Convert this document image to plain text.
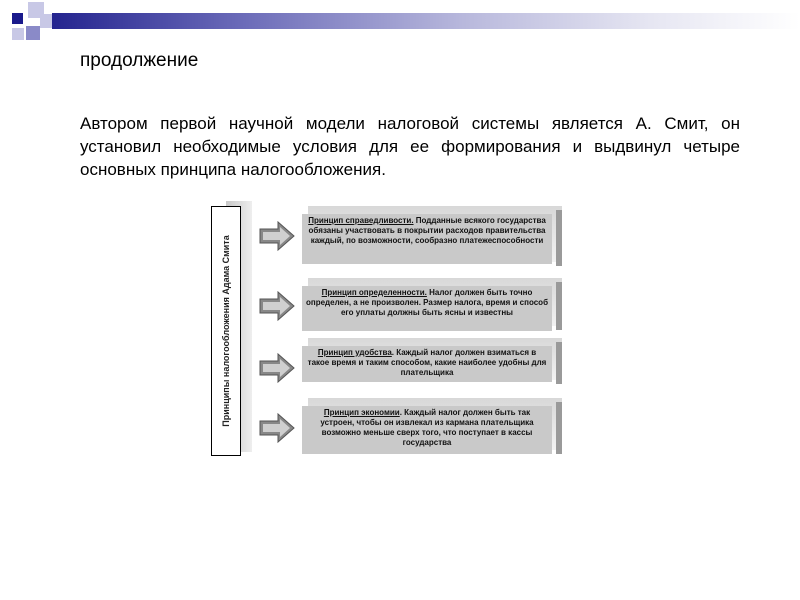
продолжение
Автором первой научной модели налоговой системы является А. Смит, он установил необходимые условия для ее формирования и выдвинул четыре основных принципа налогообложения.
Принципы налогообложения Адама Смита
Принцип справедливости. Подданные всякого государства обязаны участвовать в покрытии расходов правительства каждый, по возможности, сообразно платежеспособности
Принцип определенности. Налог должен быть точно определен, а не произволен. Размер налога, время и способ его уплаты должны быть ясны и известны
Принцип удобства. Каждый налог должен взиматься в такое время и таким способом, какие наиболее удобны для плательщика
Принцип экономии. Каждый налог должен быть так устроен, чтобы он извлекал из кармана плательщика возможно меньше сверх того, что поступает в кассы государства
